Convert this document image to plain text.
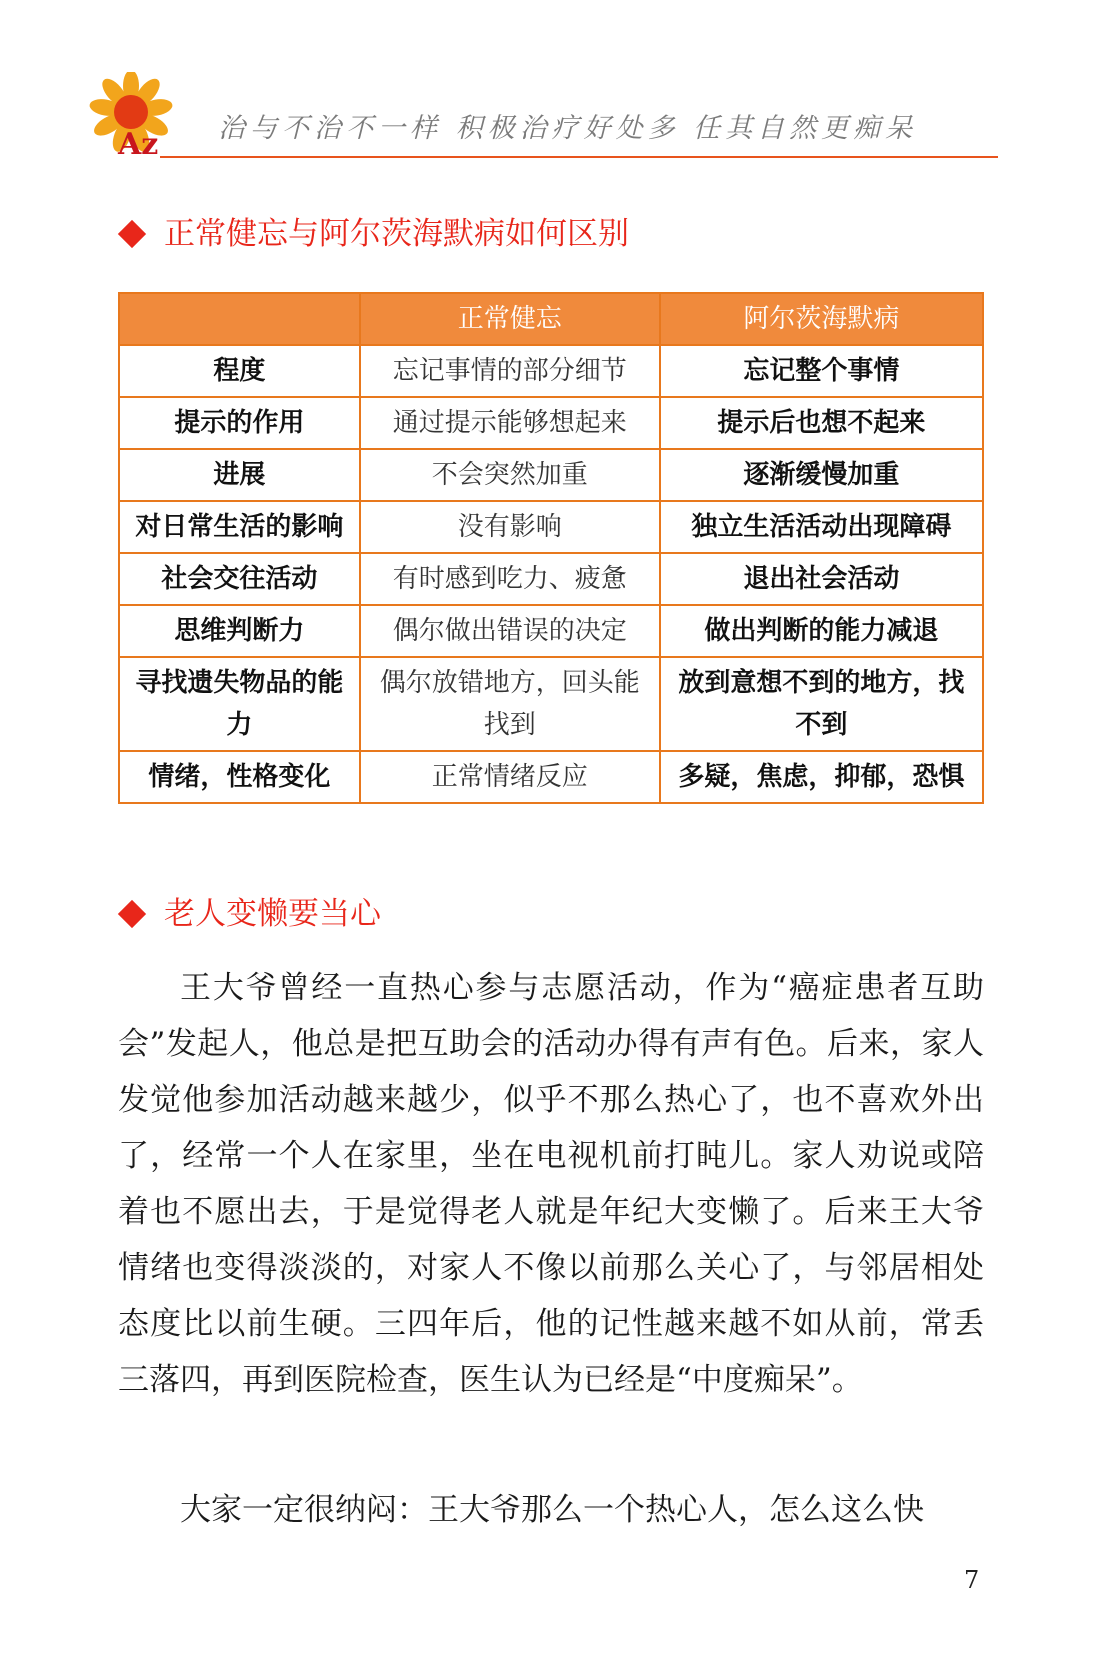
Az 治与不治不一样 积极治疗好处多 任其自然更痴呆
正常健忘与阿尔茨海默病如何区别
	正常健忘	阿尔茨海默病
程度	忘记事情的部分细节	忘记整个事情
提示的作用	通过提示能够想起来	提示后也想不起来
进展	不会突然加重	逐渐缓慢加重
对日常生活的影响	没有影响	独立生活活动出现障碍
社会交往活动	有时感到吃力、疲惫	退出社会活动
思维判断力	偶尔做出错误的决定	做出判断的能力减退
寻找遗失物品的能力	偶尔放错地方，回头能找到	放到意想不到的地方，找不到
情绪，性格变化	正常情绪反应	多疑，焦虑，抑郁，恐惧
老人变懒要当心
王大爷曾经一直热心参与志愿活动，作为“癌症患者互助会”发起人，他总是把互助会的活动办得有声有色。后来，家人发觉他参加活动越来越少，似乎不那么热心了，也不喜欢外出了，经常一个人在家里，坐在电视机前打盹儿。家人劝说或陪着也不愿出去，于是觉得老人就是年纪大变懒了。后来王大爷情绪也变得淡淡的，对家人不像以前那么关心了，与邻居相处态度比以前生硬。三四年后，他的记性越来越不如从前，常丢三落四，再到医院检查，医生认为已经是“中度痴呆”。
大家一定很纳闷：王大爷那么一个热心人，怎么这么快
7
